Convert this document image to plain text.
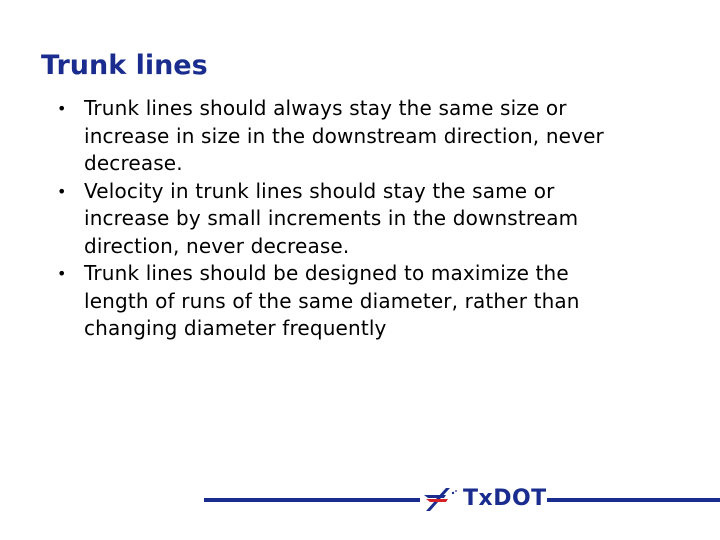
Trunk lines
• Trunk lines should always stay the same size or
increase in size in the downstream direction, never
decrease.
• Velocity in trunk lines should stay the same or
increase by small increments in the downstream
direction, never decrease.
• Trunk lines should be designed to maximize the
length of runs of the same diameter, rather than
changing diameter frequently
TxDOT
